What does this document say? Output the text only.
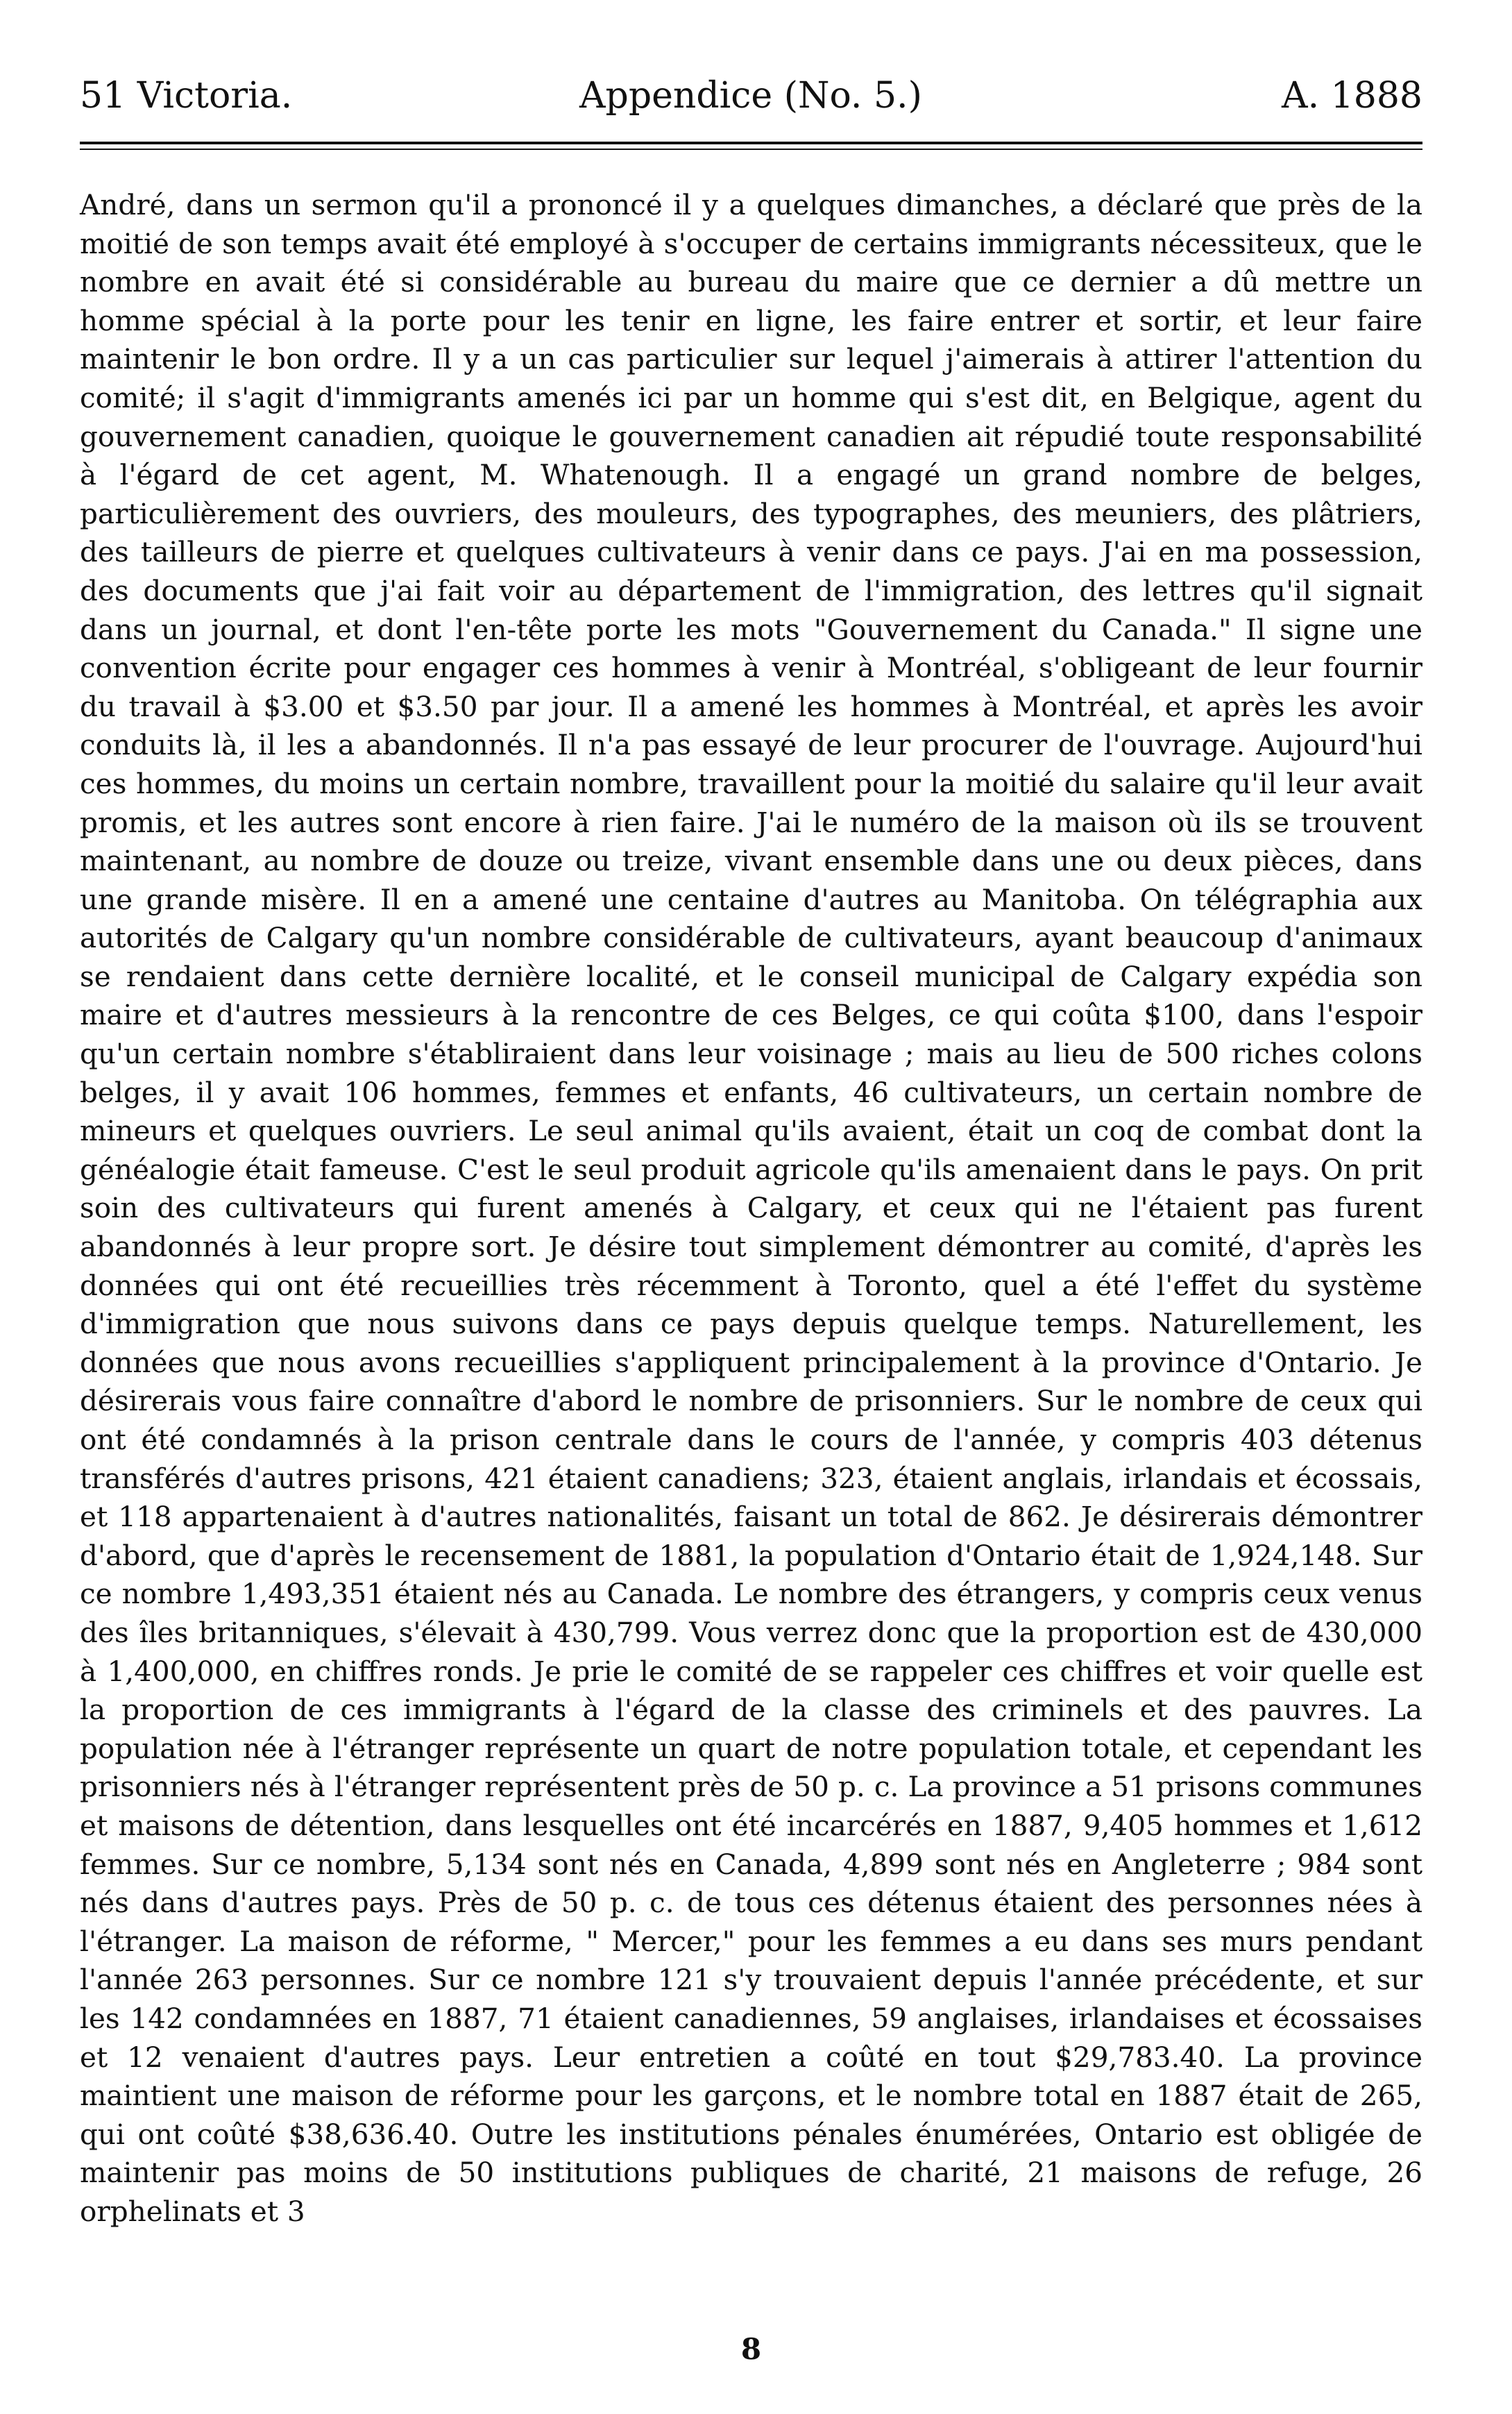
51 Victoria.	Appendice (No. 5.)	A. 1888
André, dans un sermon qu'il a prononcé il y a quelques dimanches, a déclaré que près de la moitié de son temps avait été employé à s'occuper de certains immigrants nécessiteux, que le nombre en avait été si considérable au bureau du maire que ce dernier a dû mettre un homme spécial à la porte pour les tenir en ligne, les faire entrer et sortir, et leur faire maintenir le bon ordre. Il y a un cas particulier sur lequel j'aimerais à attirer l'attention du comité; il s'agit d'immigrants amenés ici par un homme qui s'est dit, en Belgique, agent du gouvernement canadien, quoique le gouvernement canadien ait répudié toute responsabilité à l'égard de cet agent, M. Whatenough. Il a engagé un grand nombre de belges, particulièrement des ouvriers, des mouleurs, des typographes, des meuniers, des plâtriers, des tailleurs de pierre et quelques cultivateurs à venir dans ce pays. J'ai en ma possession, des documents que j'ai fait voir au département de l'immigration, des lettres qu'il signait dans un journal, et dont l'en-tête porte les mots "Gouvernement du Canada." Il signe une convention écrite pour engager ces hommes à venir à Montréal, s'obligeant de leur fournir du travail à $3.00 et $3.50 par jour. Il a amené les hommes à Montréal, et après les avoir conduits là, il les a abandonnés. Il n'a pas essayé de leur procurer de l'ouvrage. Aujourd'hui ces hommes, du moins un certain nombre, travaillent pour la moitié du salaire qu'il leur avait promis, et les autres sont encore à rien faire. J'ai le numéro de la maison où ils se trouvent maintenant, au nombre de douze ou treize, vivant ensemble dans une ou deux pièces, dans une grande misère. Il en a amené une centaine d'autres au Manitoba. On télégraphia aux autorités de Calgary qu'un nombre considérable de cultivateurs, ayant beaucoup d'animaux se rendaient dans cette dernière localité, et le conseil municipal de Calgary expédia son maire et d'autres messieurs à la rencontre de ces Belges, ce qui coûta $100, dans l'espoir qu'un certain nombre s'établiraient dans leur voisinage ; mais au lieu de 500 riches colons belges, il y avait 106 hommes, femmes et enfants, 46 cultivateurs, un certain nombre de mineurs et quelques ouvriers. Le seul animal qu'ils avaient, était un coq de combat dont la généalogie était fameuse. C'est le seul produit agricole qu'ils amenaient dans le pays. On prit soin des cultivateurs qui furent amenés à Calgary, et ceux qui ne l'étaient pas furent abandonnés à leur propre sort. Je désire tout simplement démontrer au comité, d'après les données qui ont été recueillies très récemment à Toronto, quel a été l'effet du système d'immigration que nous suivons dans ce pays depuis quelque temps. Naturellement, les données que nous avons recueillies s'appliquent principalement à la province d'Ontario. Je désirerais vous faire connaître d'abord le nombre de prisonniers. Sur le nombre de ceux qui ont été condamnés à la prison centrale dans le cours de l'année, y compris 403 détenus transférés d'autres prisons, 421 étaient canadiens; 323, étaient anglais, irlandais et écossais, et 118 appartenaient à d'autres nationalités, faisant un total de 862. Je désirerais démontrer d'abord, que d'après le recensement de 1881, la population d'Ontario était de 1,924,148. Sur ce nombre 1,493,351 étaient nés au Canada. Le nombre des étrangers, y compris ceux venus des îles britanniques, s'élevait à 430,799. Vous verrez donc que la proportion est de 430,000 à 1,400,000, en chiffres ronds. Je prie le comité de se rappeler ces chiffres et voir quelle est la proportion de ces immigrants à l'égard de la classe des criminels et des pauvres. La population née à l'étranger représente un quart de notre population totale, et cependant les prisonniers nés à l'étranger représentent près de 50 p. c. La province a 51 prisons communes et maisons de détention, dans lesquelles ont été incarcérés en 1887, 9,405 hommes et 1,612 femmes. Sur ce nombre, 5,134 sont nés en Canada, 4,899 sont nés en Angleterre ; 984 sont nés dans d'autres pays. Près de 50 p. c. de tous ces détenus étaient des personnes nées à l'étranger. La maison de réforme, " Mercer," pour les femmes a eu dans ses murs pendant l'année 263 personnes. Sur ce nombre 121 s'y trouvaient depuis l'année précédente, et sur les 142 condamnées en 1887, 71 étaient canadiennes, 59 anglaises, irlandaises et écossaises et 12 venaient d'autres pays. Leur entretien a coûté en tout $29,783.40. La province maintient une maison de réforme pour les garçons, et le nombre total en 1887 était de 265, qui ont coûté $38,636.40. Outre les institutions pénales énumérées, Ontario est obligée de maintenir pas moins de 50 institutions publiques de charité, 21 maisons de refuge, 26 orphelinats et 3
8
